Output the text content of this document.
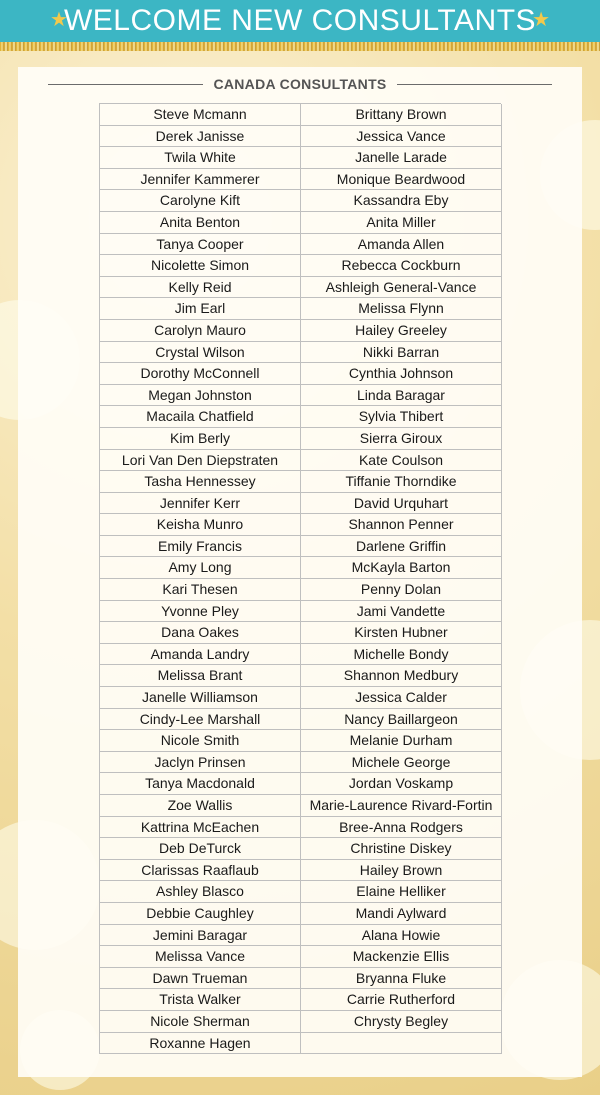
★
WELCOME NEW CONSULTANTS
★
CANADA CONSULTANTS
Steve Mcmann	Brittany Brown
Derek Janisse	Jessica Vance
Twila White	Janelle Larade
Jennifer Kammerer	Monique Beardwood
Carolyne Kift	Kassandra Eby
Anita Benton	Anita Miller
Tanya Cooper	Amanda Allen
Nicolette Simon	Rebecca Cockburn
Kelly Reid	Ashleigh General-Vance
Jim Earl	Melissa Flynn
Carolyn Mauro	Hailey Greeley
Crystal Wilson	Nikki Barran
Dorothy McConnell	Cynthia Johnson
Megan Johnston	Linda Baragar
Macaila Chatfield	Sylvia Thibert
Kim Berly	Sierra Giroux
Lori Van Den Diepstraten	Kate Coulson
Tasha Hennessey	Tiffanie Thorndike
Jennifer Kerr	David Urquhart
Keisha Munro	Shannon Penner
Emily Francis	Darlene Griffin
Amy Long	McKayla Barton
Kari Thesen	Penny Dolan
Yvonne Pley	Jami Vandette
Dana Oakes	Kirsten Hubner
Amanda Landry	Michelle Bondy
Melissa Brant	Shannon Medbury
Janelle Williamson	Jessica Calder
Cindy-Lee Marshall	Nancy Baillargeon
Nicole Smith	Melanie Durham
Jaclyn Prinsen	Michele George
Tanya Macdonald	Jordan Voskamp
Zoe Wallis	Marie-Laurence Rivard-Fortin
Kattrina McEachen	Bree-Anna Rodgers
Deb DeTurck	Christine Diskey
Clarissas Raaflaub	Hailey Brown
Ashley Blasco	Elaine Helliker
Debbie Caughley	Mandi Aylward
Jemini Baragar	Alana Howie
Melissa Vance	Mackenzie Ellis
Dawn Trueman	Bryanna Fluke
Trista Walker	Carrie Rutherford
Nicole Sherman	Chrysty Begley
Roxanne Hagen
